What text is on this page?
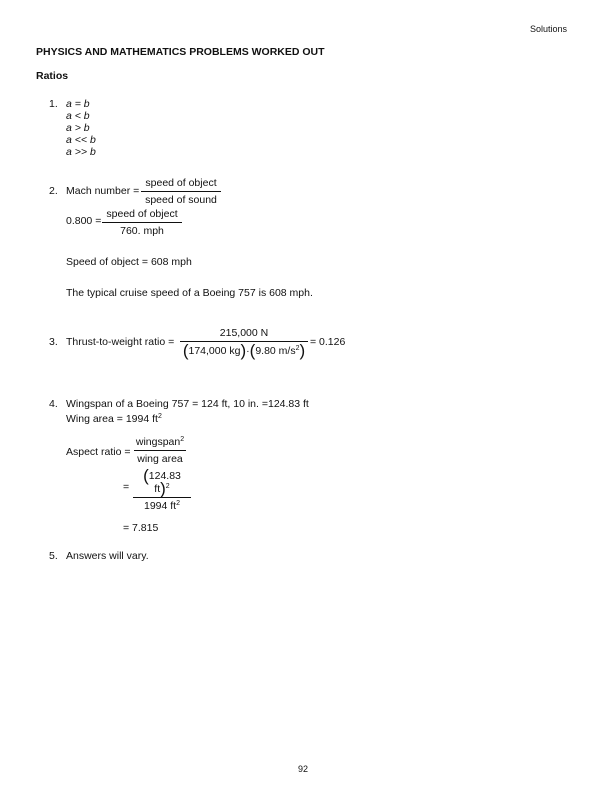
Solutions
PHYSICS AND MATHEMATICS PROBLEMS WORKED OUT
Ratios
1. a = b
a < b
a > b
a << b
a >> b
2. Mach number =
speed of object
speed of sound
0.800 =
speed of object
760. mph
Speed of object = 608 mph
The typical cruise speed of a Boeing 757 is 608 mph.
3. Thrust-to-weight ratio =
215,000 N
(174,000 kg)·(9.80 $m/s^2) = 0.126$
4. Wingspan of a Boeing 757 = 124 ft, 10 in. =124.83 ft
Wing area = 1994 $ft^2$
Aspect ratio =
wingspan$^2$
wing area
=
(124.83 ft)$^2$
1994 $ft^2$
= 7.815
5. Answers will vary.
92
